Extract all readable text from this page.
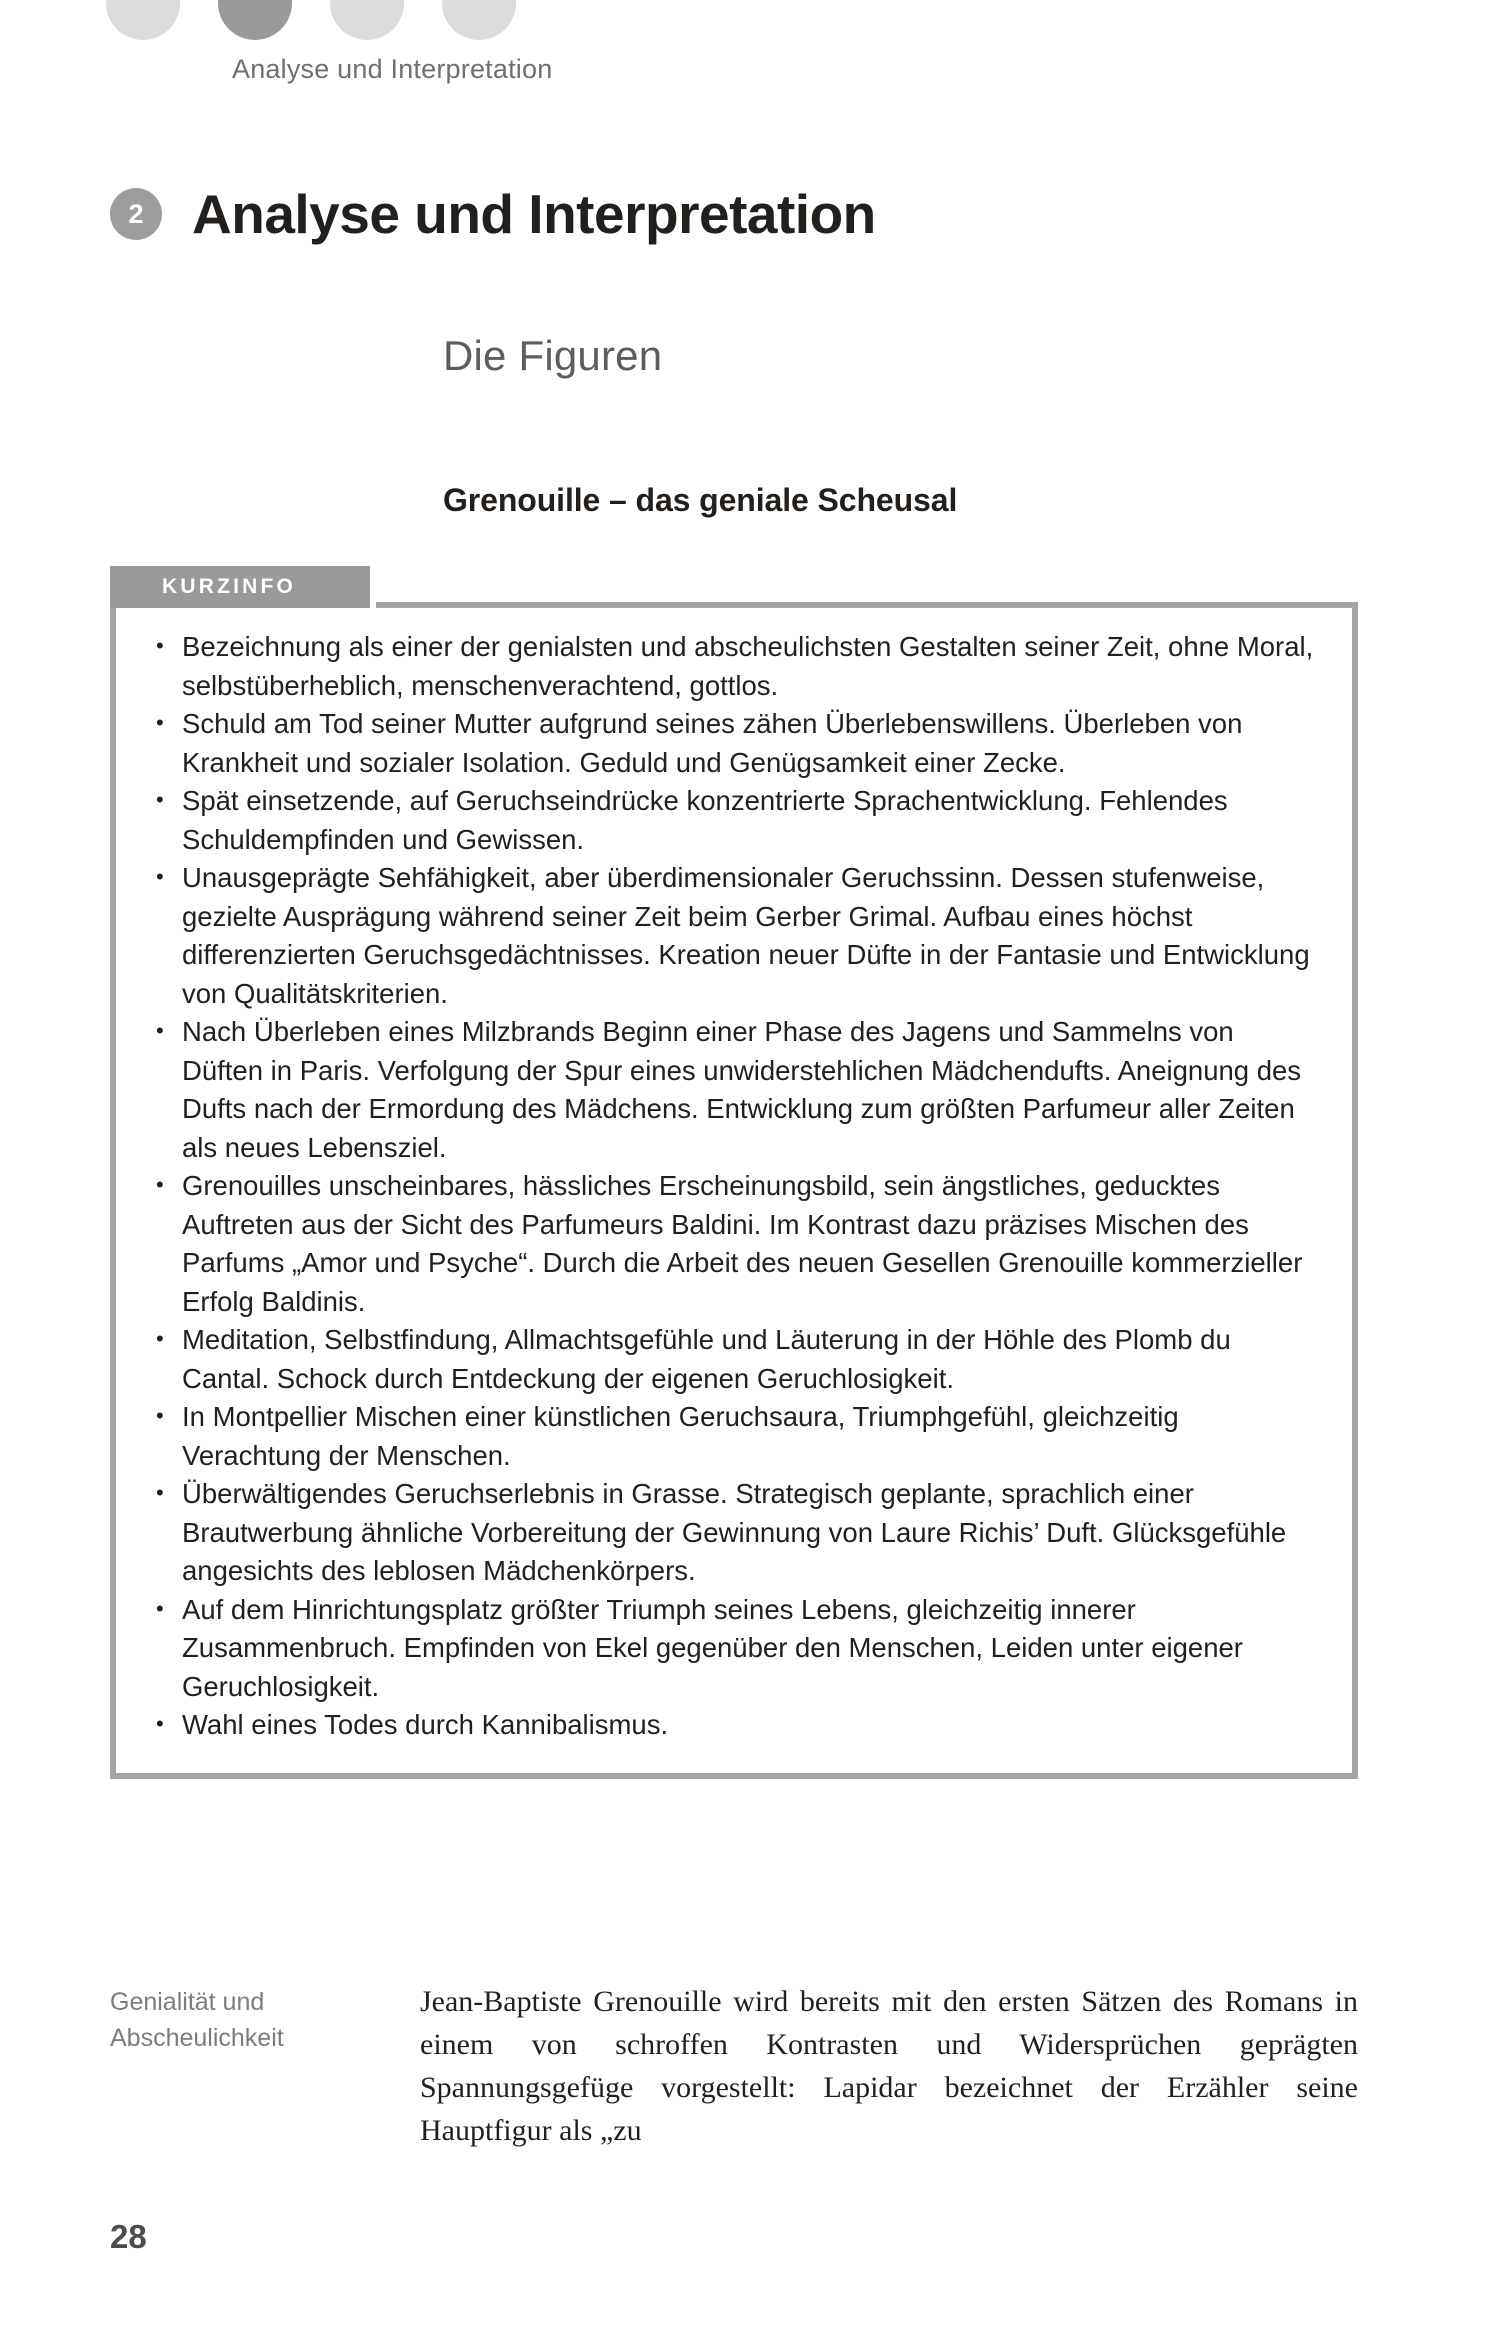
Analyse und Interpretation
2 Analyse und Interpretation
Die Figuren
Grenouille – das geniale Scheusal
KURZINFO
• Bezeichnung als einer der genialsten und abscheulichsten Gestalten seiner Zeit, ohne Moral, selbstüberheblich, menschenverachtend, gottlos.
• Schuld am Tod seiner Mutter aufgrund seines zähen Überlebenswillens. Überleben von Krankheit und sozialer Isolation. Geduld und Genügsamkeit einer Zecke.
• Spät einsetzende, auf Geruchseindrücke konzentrierte Sprachentwicklung. Fehlendes Schuldempfinden und Gewissen.
• Unausgeprägte Sehfähigkeit, aber überdimensionaler Geruchssinn. Dessen stufenweise, gezielte Ausprägung während seiner Zeit beim Gerber Grimal. Aufbau eines höchst differenzierten Geruchsgedächtnisses. Kreation neuer Düfte in der Fantasie und Entwicklung von Qualitätskriterien.
• Nach Überleben eines Milzbrands Beginn einer Phase des Jagens und Sammelns von Düften in Paris. Verfolgung der Spur eines unwiderstehlichen Mädchendufts. Aneignung des Dufts nach der Ermordung des Mädchens. Entwicklung zum größten Parfumeur aller Zeiten als neues Lebensziel.
• Grenouilles unscheinbares, hässliches Erscheinungsbild, sein ängstliches, geducktes Auftreten aus der Sicht des Parfumeurs Baldini. Im Kontrast dazu präzises Mischen des Parfums „Amor und Psyche“. Durch die Arbeit des neuen Gesellen Grenouille kommerzieller Erfolg Baldinis.
• Meditation, Selbstfindung, Allmachtsgefühle und Läuterung in der Höhle des Plomb du Cantal. Schock durch Entdeckung der eigenen Geruchlosigkeit.
• In Montpellier Mischen einer künstlichen Geruchsaura, Triumphgefühl, gleichzeitig Verachtung der Menschen.
• Überwältigendes Geruchserlebnis in Grasse. Strategisch geplante, sprachlich einer Brautwerbung ähnliche Vorbereitung der Gewinnung von Laure Richis’ Duft. Glücksgefühle angesichts des leblosen Mädchenkörpers.
• Auf dem Hinrichtungsplatz größter Triumph seines Lebens, gleichzeitig innerer Zusammenbruch. Empfinden von Ekel gegenüber den Menschen, Leiden unter eigener Geruchlosigkeit.
• Wahl eines Todes durch Kannibalismus.
Genialität und Abscheulichkeit
Jean-Baptiste Grenouille wird bereits mit den ersten Sätzen des Romans in einem von schroffen Kontrasten und Widersprüchen geprägten Spannungsgefüge vorgestellt: Lapidar bezeichnet der Erzähler seine Hauptfigur als „zu
28
